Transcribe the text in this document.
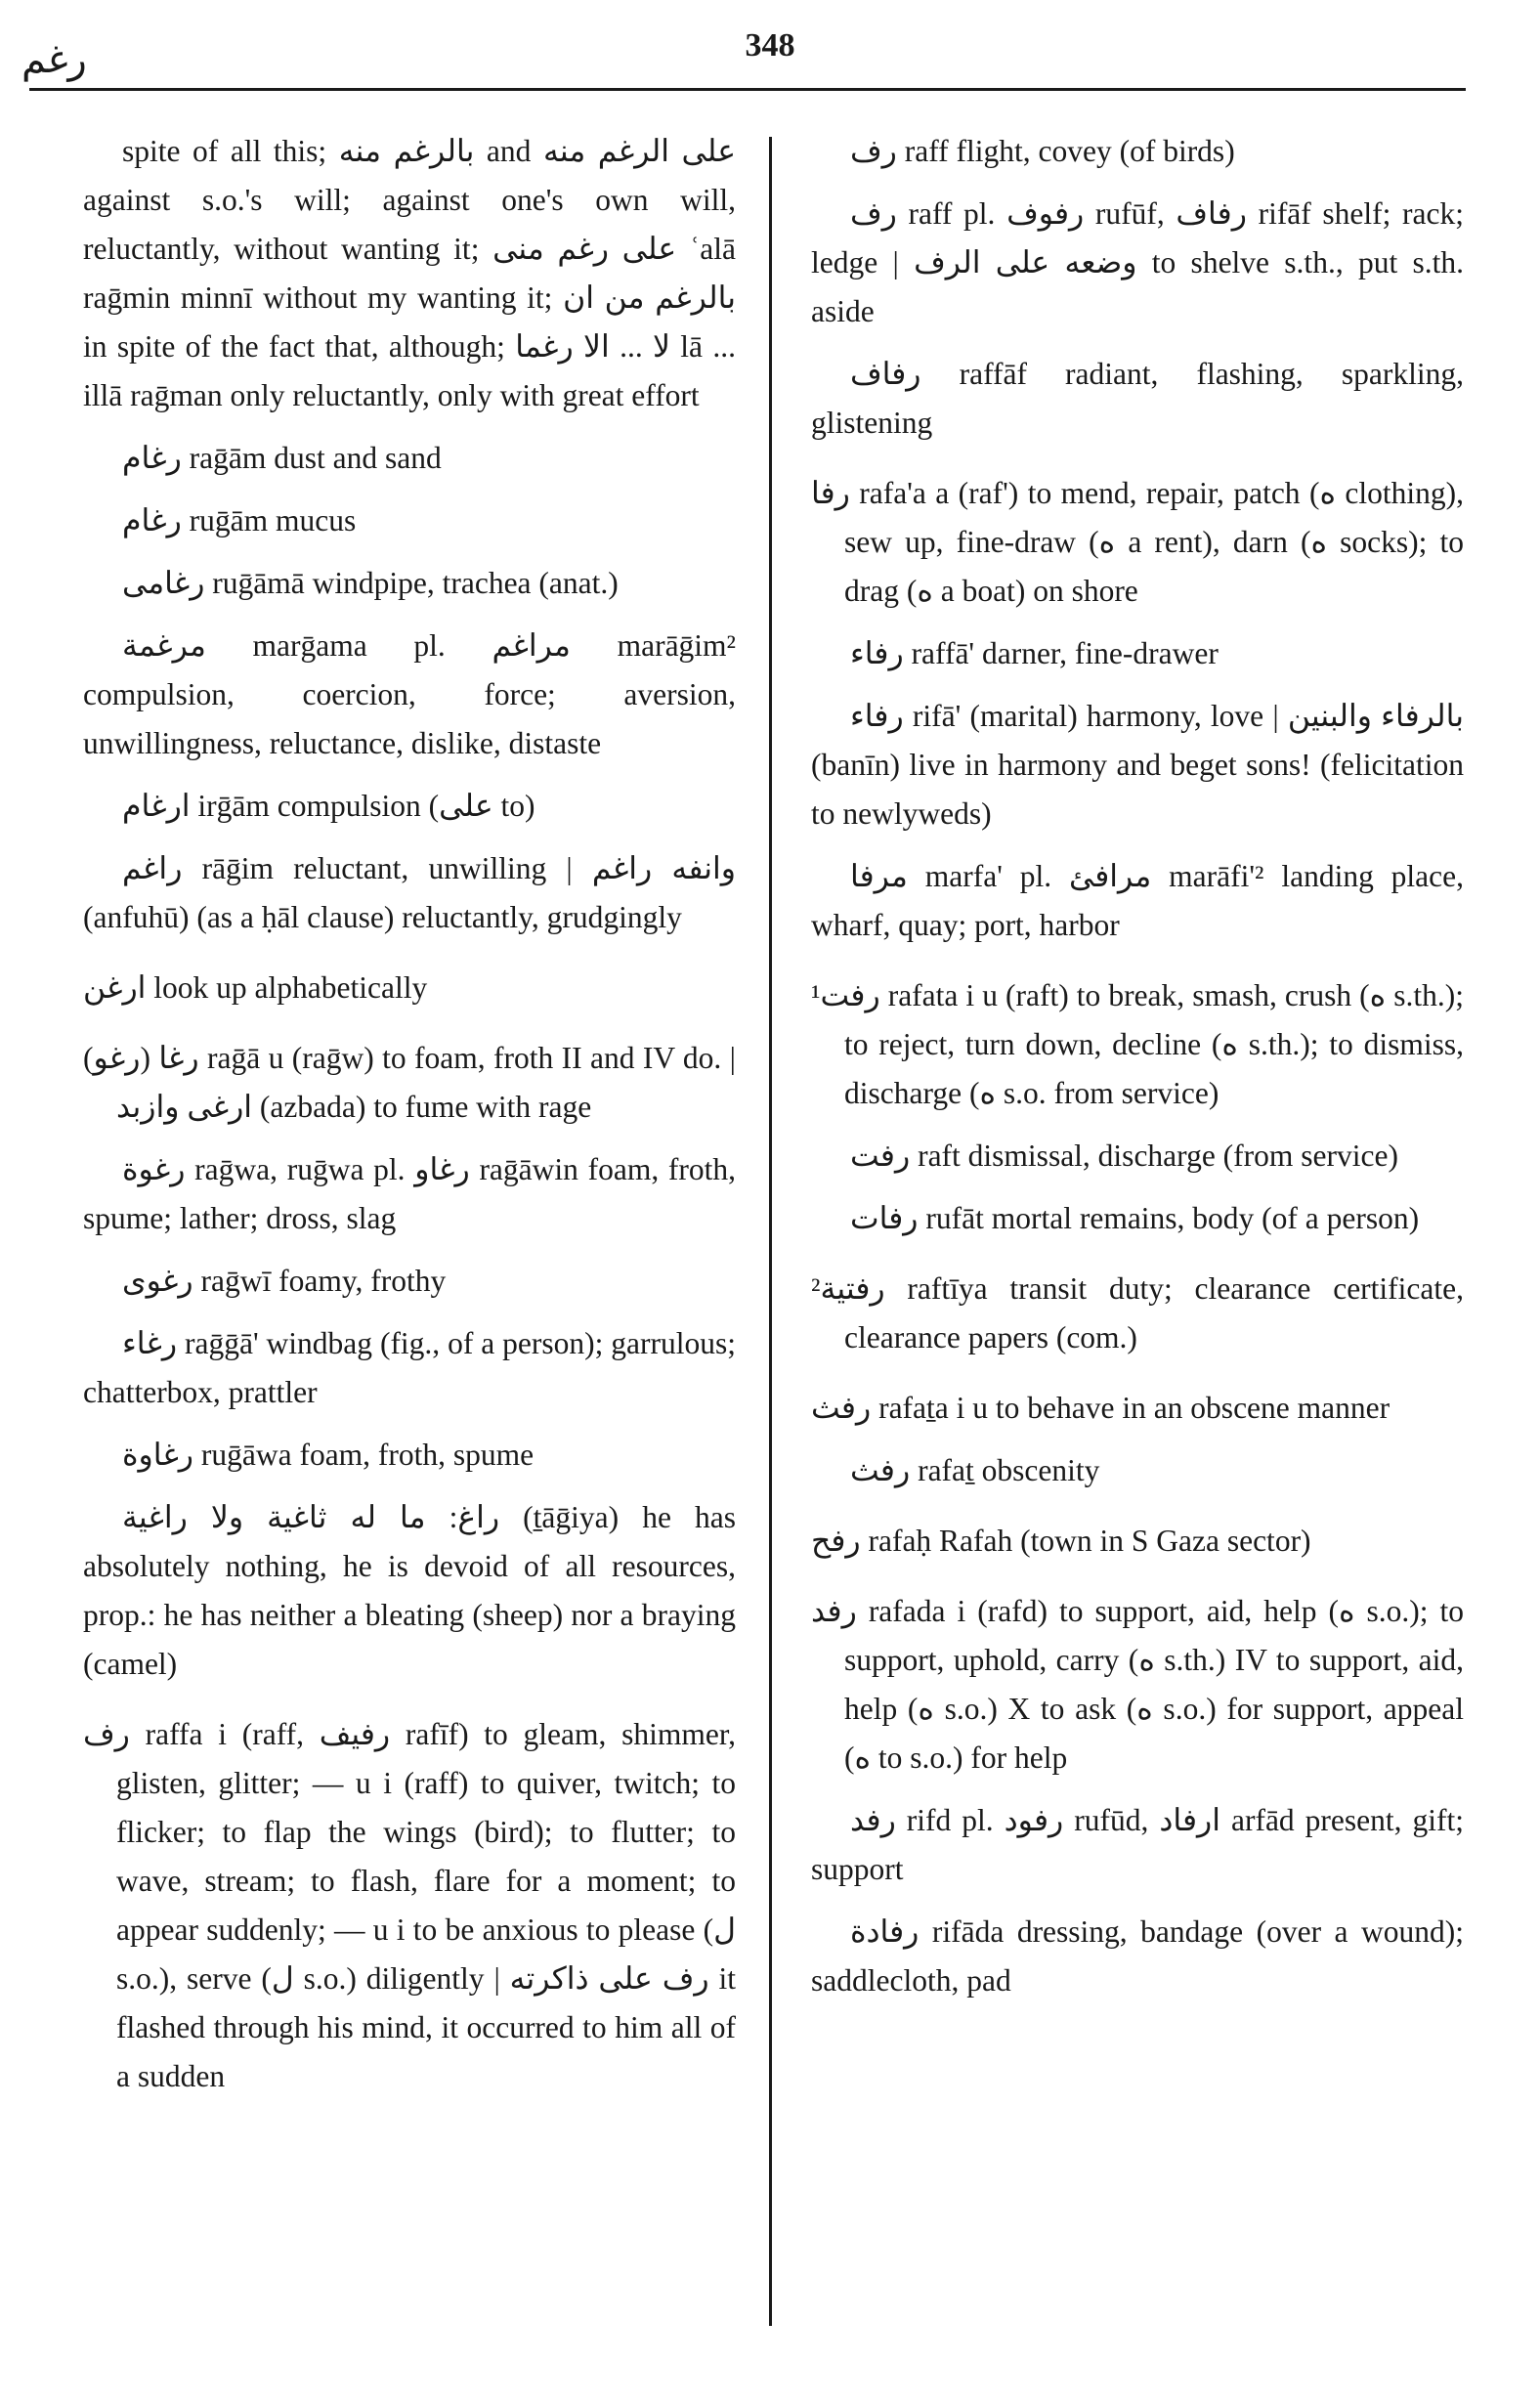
رغم	348

spite of all this; بالرغم منه and على الرغم منه against s.o.'s will; against one's own will, reluctantly, without wanting it; على رغم منى ʿalā raḡmin minnī without my wanting it; بالرغم من ان in spite of the fact that, although; لا ... الا رغما lā ... illā raḡman only reluctantly, only with great effort

رغام raḡām dust and sand

رغام ruḡām mucus

رغامى ruḡāmā windpipe, trachea (anat.)

مرغمة marḡama pl. مراغم marāḡim² compulsion, coercion, force; aversion, unwillingness, reluctance, dislike, distaste

ارغام irḡām compulsion (على to)

راغم rāḡim reluctant, unwilling | وانفه راغم (anfuhū) (as a ḥāl clause) reluctantly, grudgingly

ارغن look up alphabetically

رغا (رغو) raḡā u (raḡw) to foam, froth II and IV do. | ارغى وازبد (azbada) to fume with rage

رغوة raḡwa, ruḡwa pl. رغاو raḡāwin foam, froth, spume; lather; dross, slag

رغوى raḡwī foamy, frothy

رغاء raḡḡā' windbag (fig., of a person); garrulous; chatterbox, prattler

رغاوة ruḡāwa foam, froth, spume

راغ: ما له ثاغية ولا راغية (ṯāḡiya) he has absolutely nothing, he is devoid of all resources, prop.: he has neither a bleating (sheep) nor a braying (camel)

رف raffa i (raff, رفيف rafīf) to gleam, shimmer, glisten, glitter; — u i (raff) to quiver, twitch; to flicker; to flap the wings (bird); to flutter; to wave, stream; to flash, flare for a moment; to appear suddenly; — u i to be anxious to please (ل s.o.), serve (ل s.o.) diligently | رف على ذاكرته it flashed through his mind, it occurred to him all of a sudden

رف raff flight, covey (of birds)

رف raff pl. رفوف rufūf, رفاف rifāf shelf; rack; ledge | وضعه على الرف to shelve s.th., put s.th. aside

رفاف raffāf radiant, flashing, sparkling, glistening

رفا rafa'a a (raf') to mend, repair, patch (ه clothing), sew up, fine-draw (ه a rent), darn (ه socks); to drag (ه a boat) on shore

رفاء raffā' darner, fine-drawer

رفاء rifā' (marital) harmony, love | بالرفاء والبنين (banīn) live in harmony and beget sons! (felicitation to newlyweds)

مرفا marfa' pl. مرافئ marāfi'² landing place, wharf, quay; port, harbor

¹رفت rafata i u (raft) to break, smash, crush (ه s.th.); to reject, turn down, decline (ه s.th.); to dismiss, discharge (ه s.o. from service)

رفت raft dismissal, discharge (from service)

رفات rufāt mortal remains, body (of a person)

²رفتية raftīya transit duty; clearance certificate, clearance papers (com.)

رفث rafaṯa i u to behave in an obscene manner

رفث rafaṯ obscenity

رفح rafaḥ Rafah (town in S Gaza sector)

رفد rafada i (rafd) to support, aid, help (ه s.o.); to support, uphold, carry (ه s.th.) IV to support, aid, help (ه s.o.) X to ask (ه s.o.) for support, appeal (ه to s.o.) for help

رفد rifd pl. رفود rufūd, ارفاد arfād present, gift; support

رفادة rifāda dressing, bandage (over a wound); saddlecloth, pad
